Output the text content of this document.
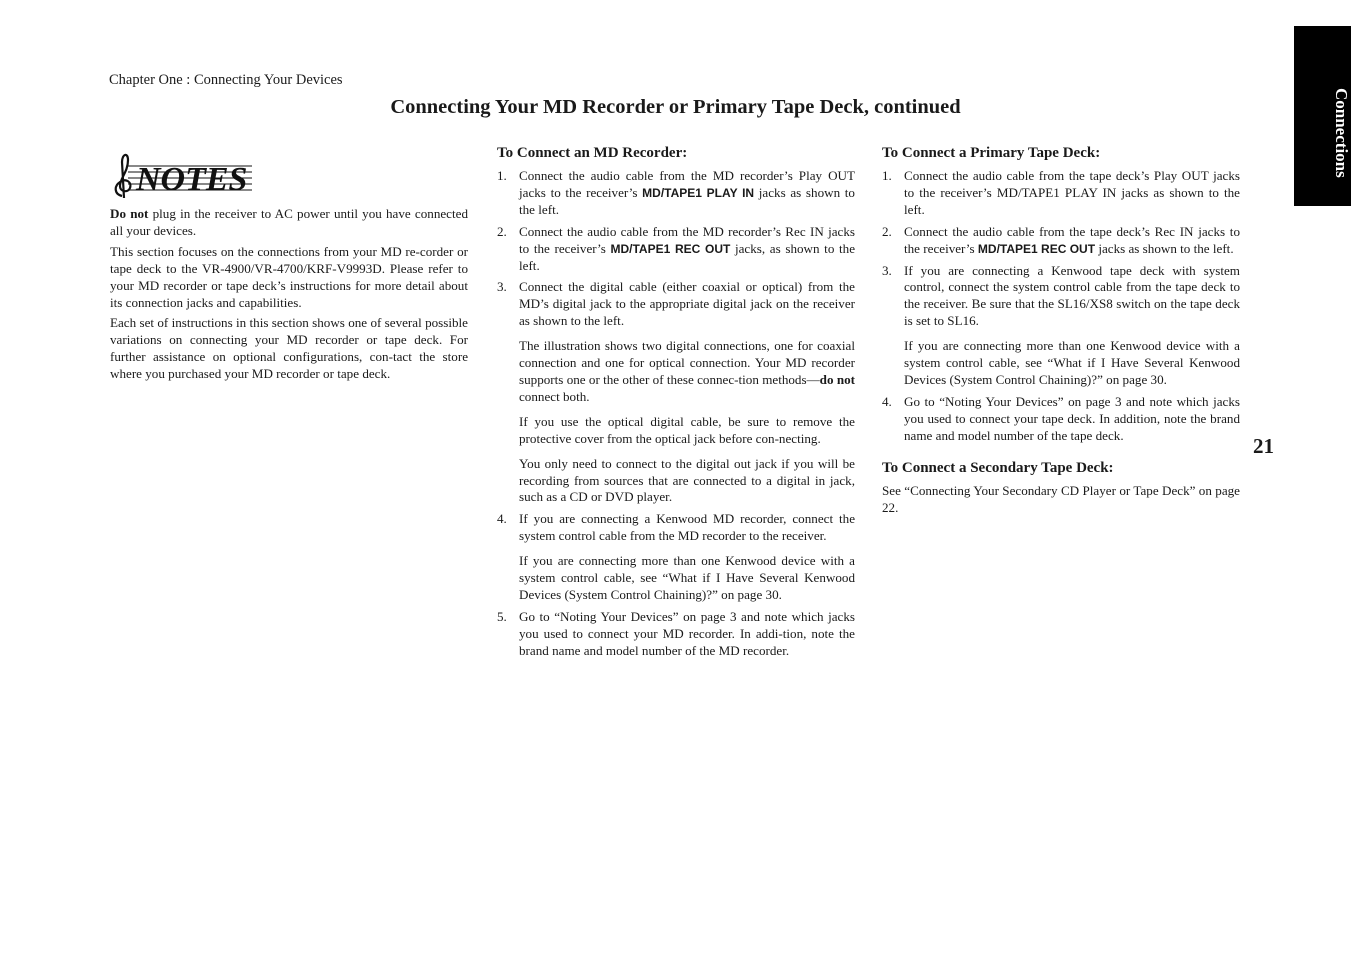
Chapter One : Connecting Your Devices
Connecting Your MD Recorder or Primary Tape Deck, continued	Connections
21
NOTES

Do not plug in the receiver to AC power until you have connected all your devices.

This section focuses on the connections from your MD re-corder or tape deck to the VR-4900/VR-4700/KRF-V9993D. Please refer to your MD recorder or tape deck’s instructions for more detail about its connection jacks and capabilities.

Each set of instructions in this section shows one of several possible variations on connecting your MD recorder or tape deck. For further assistance on optional configurations, con-tact the store where you purchased your MD recorder or tape deck.

To Connect an MD Recorder:
1. Connect the audio cable from the MD recorder’s Play OUT jacks to the receiver’s MD/TAPE1 PLAY IN jacks as shown to the left.

2. Connect the audio cable from the MD recorder’s Rec IN jacks to the receiver’s MD/TAPE1 REC OUT jacks, as shown to the left.

3. Connect the digital cable (either coaxial or optical) from the MD’s digital jack to the appropriate digital jack on the receiver as shown to the left.

The illustration shows two digital connections, one for coaxial connection and one for optical connection. Your MD recorder supports one or the other of these connec-tion methods—do not connect both.

If you use the optical digital cable, be sure to remove the protective cover from the optical jack before con-necting.

You only need to connect to the digital out jack if you will be recording from sources that are connected to a digital in jack, such as a CD or DVD player.

4. If you are connecting a Kenwood MD recorder, connect the system control cable from the MD recorder to the receiver.

If you are connecting more than one Kenwood device with a system control cable, see “What if I Have Several Kenwood Devices (System Control Chaining)?” on page 30.

5. Go to “Noting Your Devices” on page 3 and note which jacks you used to connect your MD recorder. In addi-tion, note the brand name and model number of the MD recorder.

To Connect a Primary Tape Deck:
1. Connect the audio cable from the tape deck’s Play OUT jacks to the receiver’s MD/TAPE1 PLAY IN jacks as shown to the left.

2. Connect the audio cable from the tape deck’s Rec IN jacks to the receiver’s MD/TAPE1 REC OUT jacks as shown to the left.

3. If you are connecting a Kenwood tape deck with system control, connect the system control cable from the tape deck to the receiver. Be sure that the SL16/XS8 switch on the tape deck is set to SL16.

If you are connecting more than one Kenwood device with a system control cable, see “What if I Have Several Kenwood Devices (System Control Chaining)?” on page 30.

4. Go to “Noting Your Devices” on page 3 and note which jacks you used to connect your tape deck. In addition, note the brand name and model number of the tape deck.

To Connect a Secondary Tape Deck:

See “Connecting Your Secondary CD Player or Tape Deck” on page 22.
